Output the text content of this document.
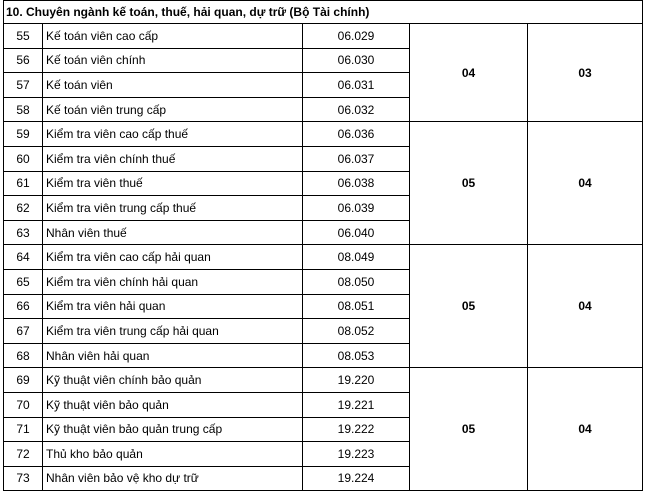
10. Chuyên ngành kế toán, thuế, hải quan, dự trữ (Bộ Tài chính)				
55	Kế toán viên cao cấp	06.029	04	03
56	Kế toán viên chính	06.030		
57	Kế toán viên	06.031		
58	Kế toán viên trung cấp	06.032		
59	Kiểm tra viên cao cấp thuế	06.036	05	04
60	Kiểm tra viên chính thuế	06.037		
61	Kiểm tra viên thuế	06.038		
62	Kiểm tra viên trung cấp thuế	06.039		
63	Nhân viên thuế	06.040		
64	Kiểm tra viên cao cấp hải quan	08.049	05	04
65	Kiểm tra viên chính hải quan	08.050		
66	Kiểm tra viên hải quan	08.051		
67	Kiểm tra viên trung cấp hải quan	08.052		
68	Nhân viên hải quan	08.053		
69	Kỹ thuật viên chính bảo quản	19.220	05	04
70	Kỹ thuật viên bảo quản	19.221		
71	Kỹ thuật viên bảo quản trung cấp	19.222		
72	Thủ kho bảo quản	19.223		
73	Nhân viên bảo vệ kho dự trữ	19.224		
